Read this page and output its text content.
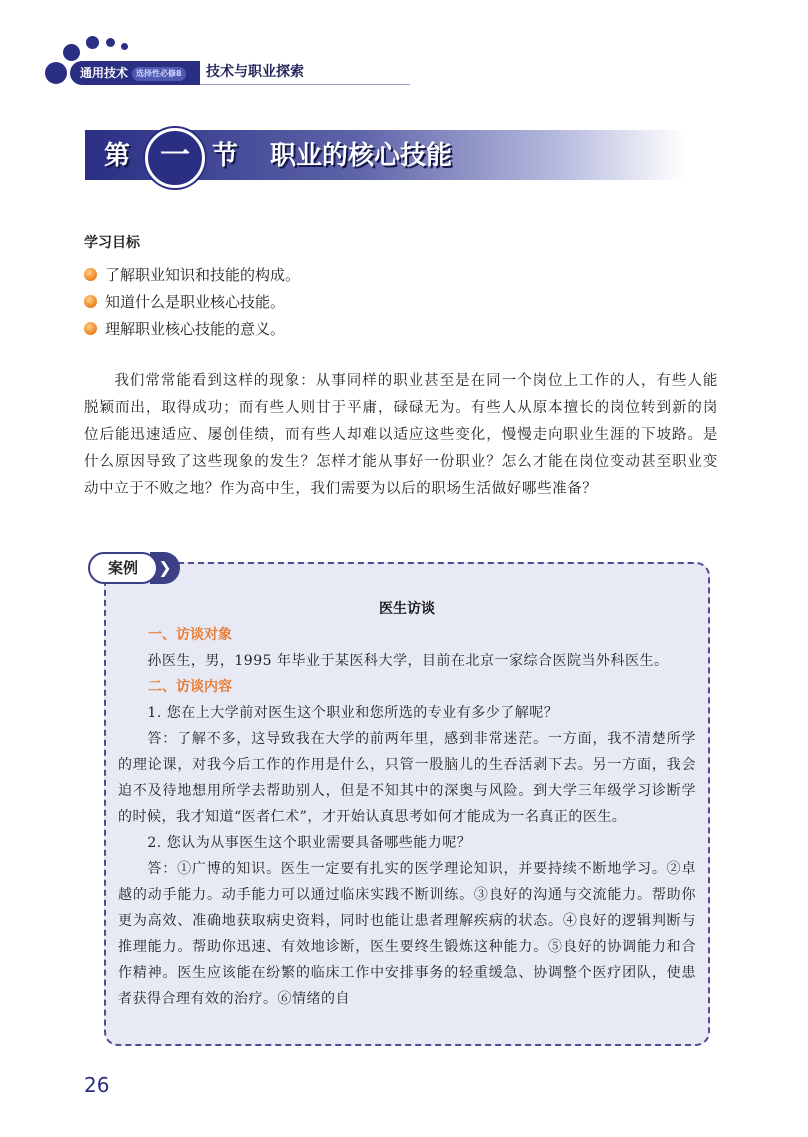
通用技术 选择性必修8 技术与职业探索
第 一 节 职业的核心技能
学习目标
了解职业知识和技能的构成。
知道什么是职业核心技能。
理解职业核心技能的意义。

我们常常能看到这样的现象：从事同样的职业甚至是在同一个岗位上工作的人，有些人能脱颖而出，取得成功；而有些人则甘于平庸，碌碌无为。有些人从原本擅长的岗位转到新的岗位后能迅速适应、屡创佳绩，而有些人却难以适应这些变化，慢慢走向职业生涯的下坡路。是什么原因导致了这些现象的发生？怎样才能从事好一份职业？怎么才能在岗位变动甚至职业变动中立于不败之地？作为高中生，我们需要为以后的职场生活做好哪些准备？

❯
案例

医生访谈

一、访谈对象

孙医生，男，1995 年毕业于某医科大学，目前在北京一家综合医院当外科医生。

二、访谈内容

1. 您在上大学前对医生这个职业和您所选的专业有多少了解呢？

答：了解不多，这导致我在大学的前两年里，感到非常迷茫。一方面，我不清楚所学的理论课，对我今后工作的作用是什么，只管一股脑儿的生吞活剥下去。另一方面，我会迫不及待地想用所学去帮助别人，但是不知其中的深奥与风险。到大学三年级学习诊断学的时候，我才知道“医者仁术”，才开始认真思考如何才能成为一名真正的医生。

2. 您认为从事医生这个职业需要具备哪些能力呢？

答：①广博的知识。医生一定要有扎实的医学理论知识，并要持续不断地学习。②卓越的动手能力。动手能力可以通过临床实践不断训练。③良好的沟通与交流能力。帮助你更为高效、准确地获取病史资料，同时也能让患者理解疾病的状态。④良好的逻辑判断与推理能力。帮助你迅速、有效地诊断，医生要终生锻炼这种能力。⑤良好的协调能力和合作精神。医生应该能在纷繁的临床工作中安排事务的轻重缓急、协调整个医疗团队，使患者获得合理有效的治疗。⑥情绪的自

26
